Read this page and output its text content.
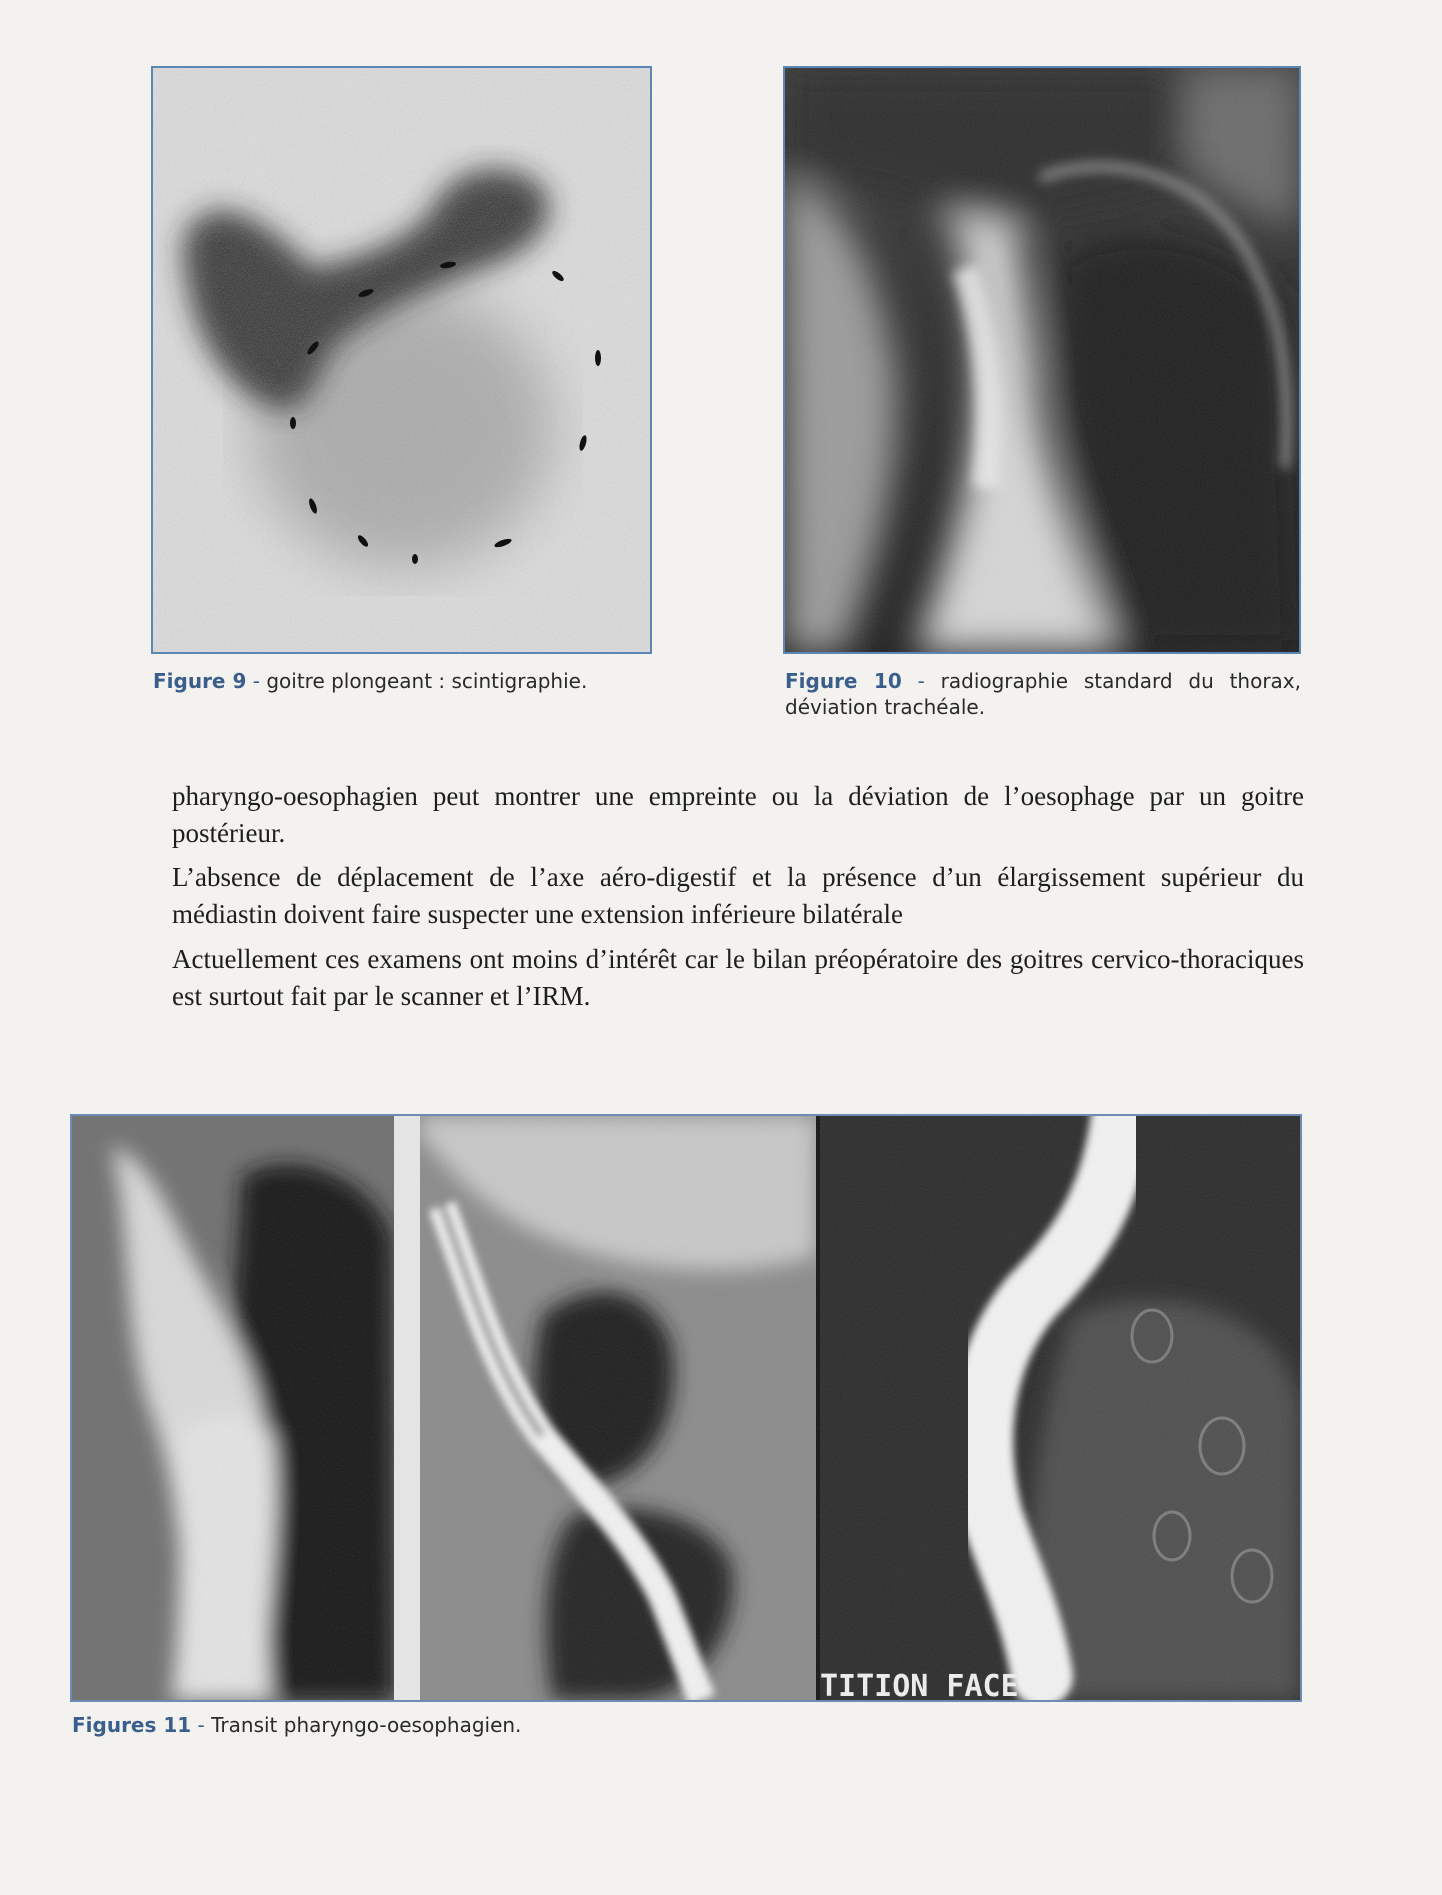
Figure 9 - goitre plongeant : scintigraphie.	Figure 10 - radiographie standard du thorax, déviation trachéale.

pharyngo-oesophagien peut montrer une empreinte ou la déviation de l’oesophage par un goitre postérieur.

L’absence de déplacement de l’axe aéro-digestif et la présence d’un élargissement supérieur du médiastin doivent faire suspecter une extension inférieure bilatérale

Actuellement ces examens ont moins d’intérêt car le bilan préopératoire des goitres cervico-thoraciques est surtout fait par le scanner et l’IRM.

Figures 11 - Transit pharyngo-oesophagien.
